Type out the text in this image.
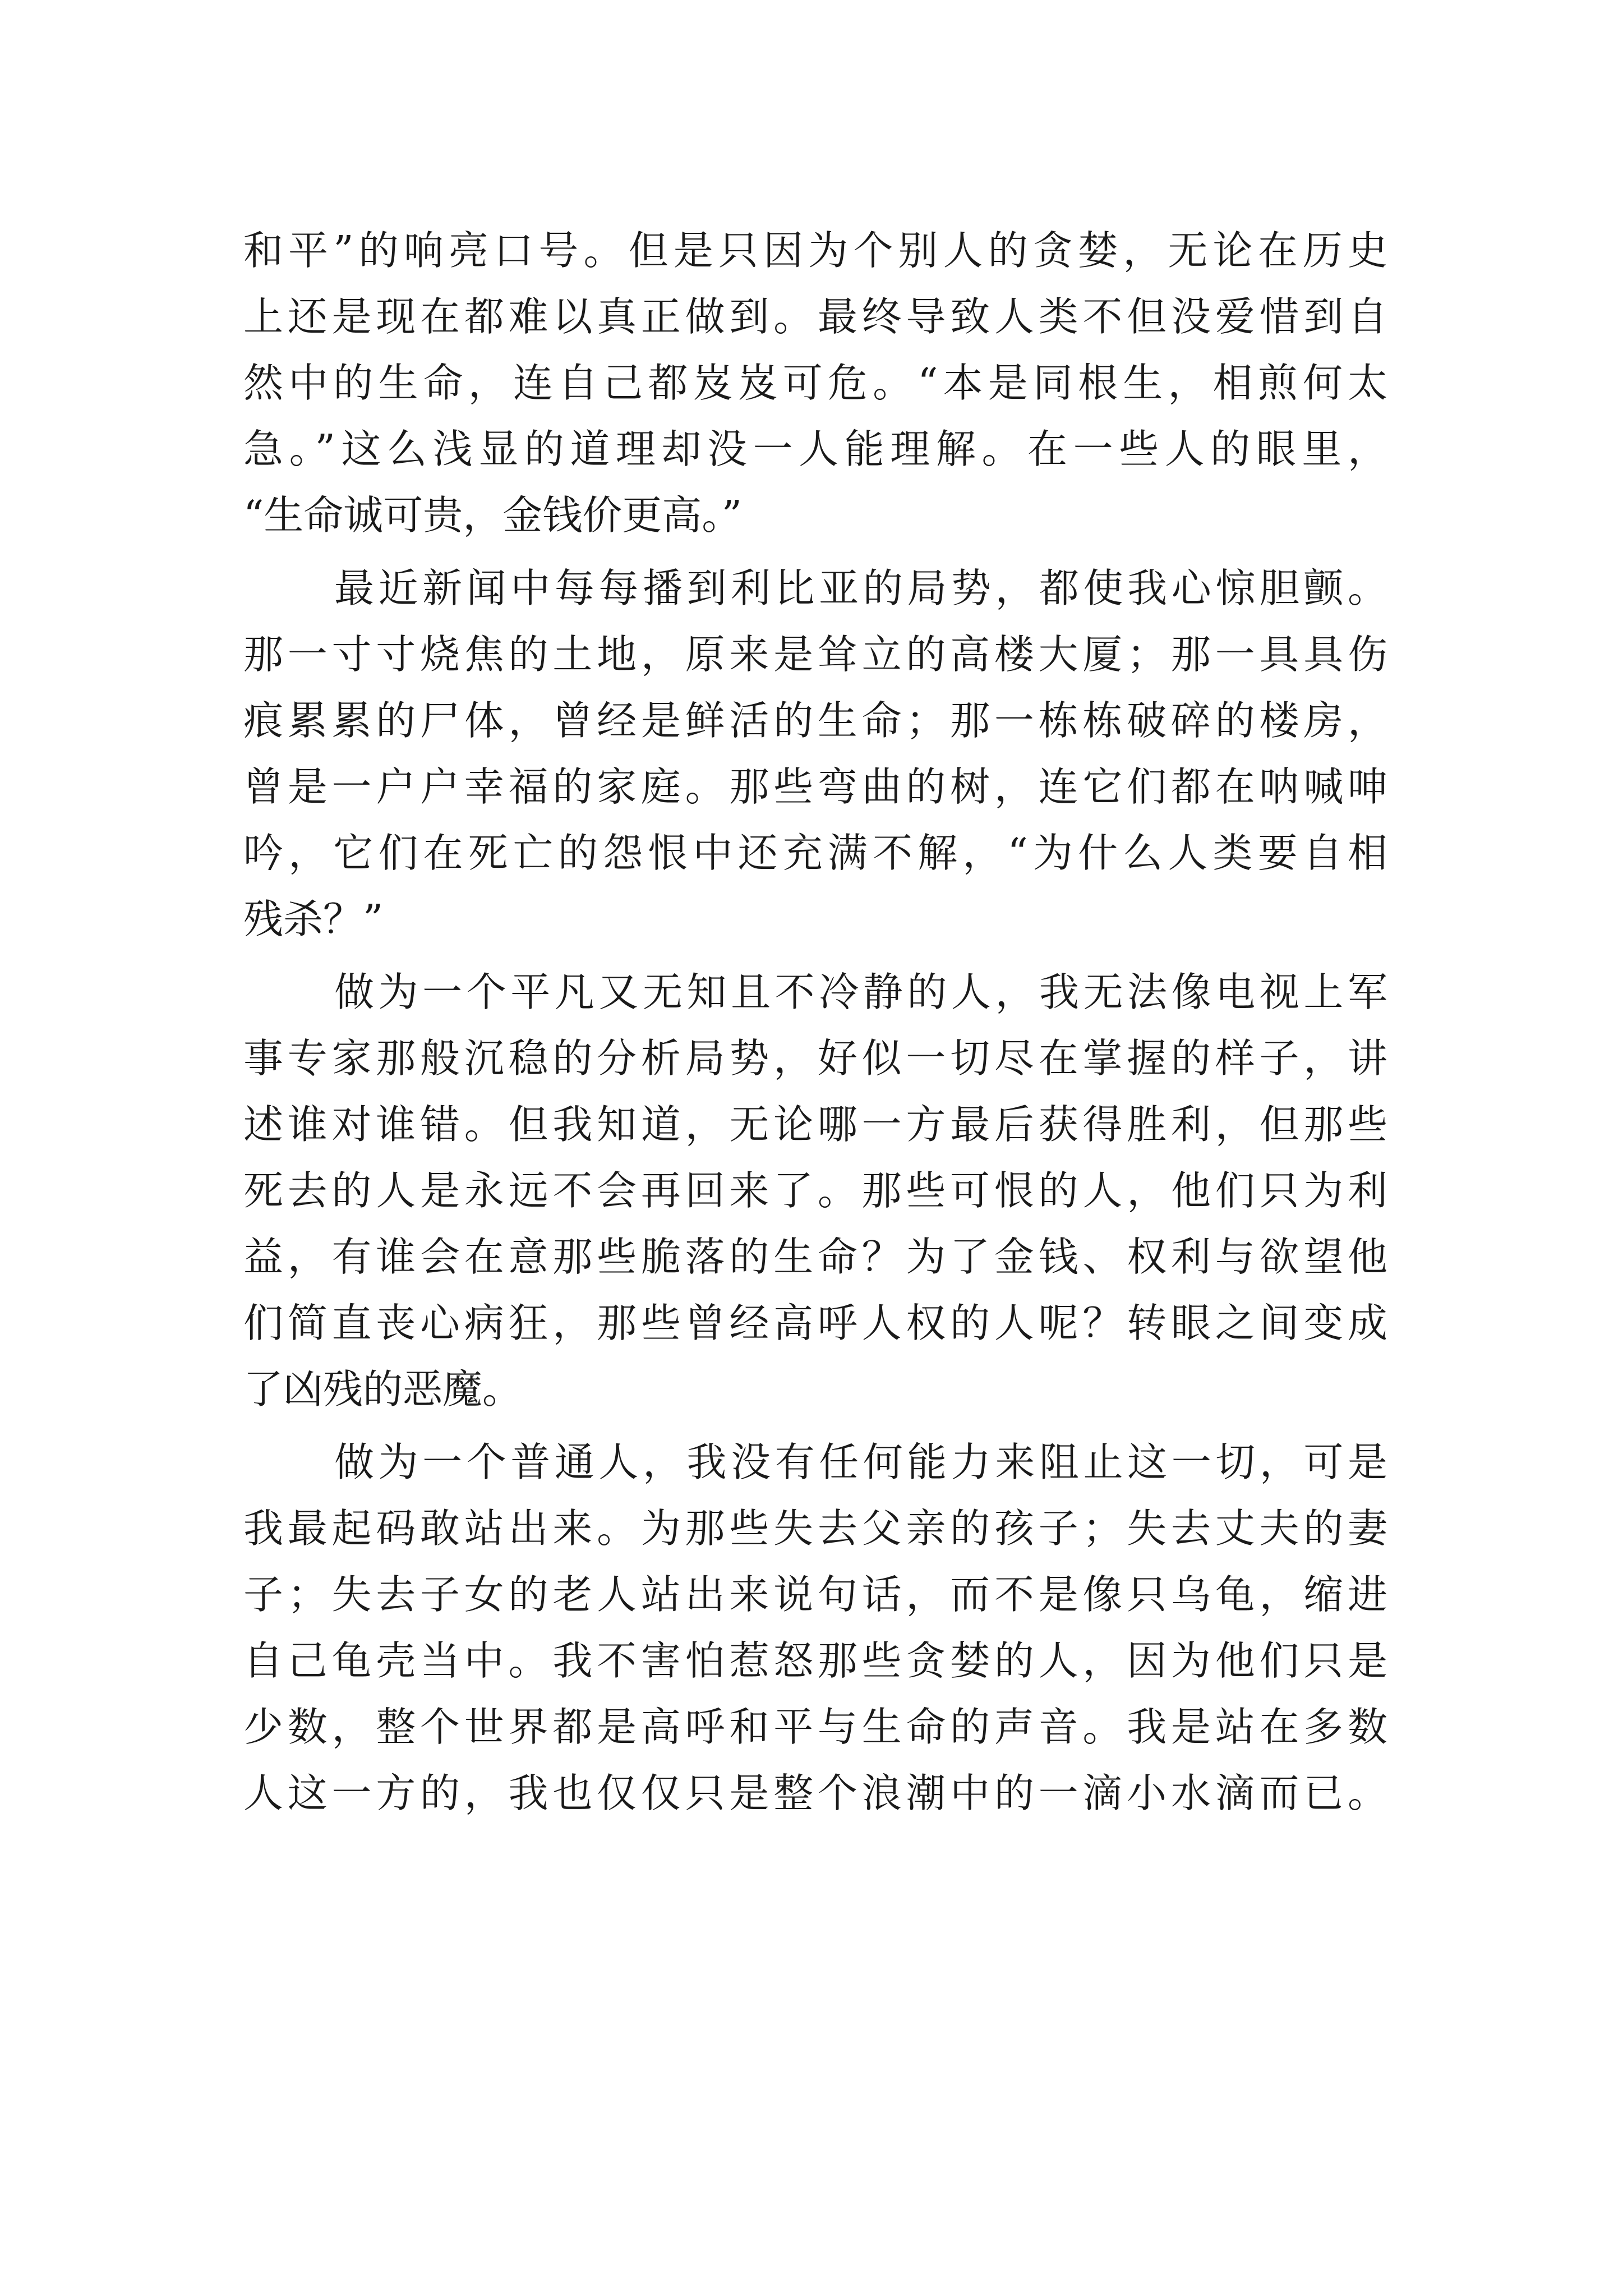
和平”的响亮口号。但是只因为个别人的贪婪，无论在历史
上还是现在都难以真正做到。最终导致人类不但没爱惜到自
然中的生命，连自己都岌岌可危。“本是同根生，相煎何太
急。”这么浅显的道理却没一人能理解。在一些人的眼里，
“生命诚可贵，金钱价更高。”
最近新闻中每每播到利比亚的局势，都使我心惊胆颤。
那一寸寸烧焦的土地，原来是耸立的高楼大厦；那一具具伤
痕累累的尸体，曾经是鲜活的生命；那一栋栋破碎的楼房，
曾是一户户幸福的家庭。那些弯曲的树，连它们都在呐喊呻
吟，它们在死亡的怨恨中还充满不解，“为什么人类要自相
残杀？”
做为一个平凡又无知且不冷静的人，我无法像电视上军
事专家那般沉稳的分析局势，好似一切尽在掌握的样子，讲
述谁对谁错。但我知道，无论哪一方最后获得胜利，但那些
死去的人是永远不会再回来了。那些可恨的人，他们只为利
益，有谁会在意那些脆落的生命？为了金钱、权利与欲望他
们简直丧心病狂，那些曾经高呼人权的人呢？转眼之间变成
了凶残的恶魔。
做为一个普通人，我没有任何能力来阻止这一切，可是
我最起码敢站出来。为那些失去父亲的孩子；失去丈夫的妻
子；失去子女的老人站出来说句话，而不是像只乌龟，缩进
自己龟壳当中。我不害怕惹怒那些贪婪的人，因为他们只是
少数，整个世界都是高呼和平与生命的声音。我是站在多数
人这一方的，我也仅仅只是整个浪潮中的一滴小水滴而已。
